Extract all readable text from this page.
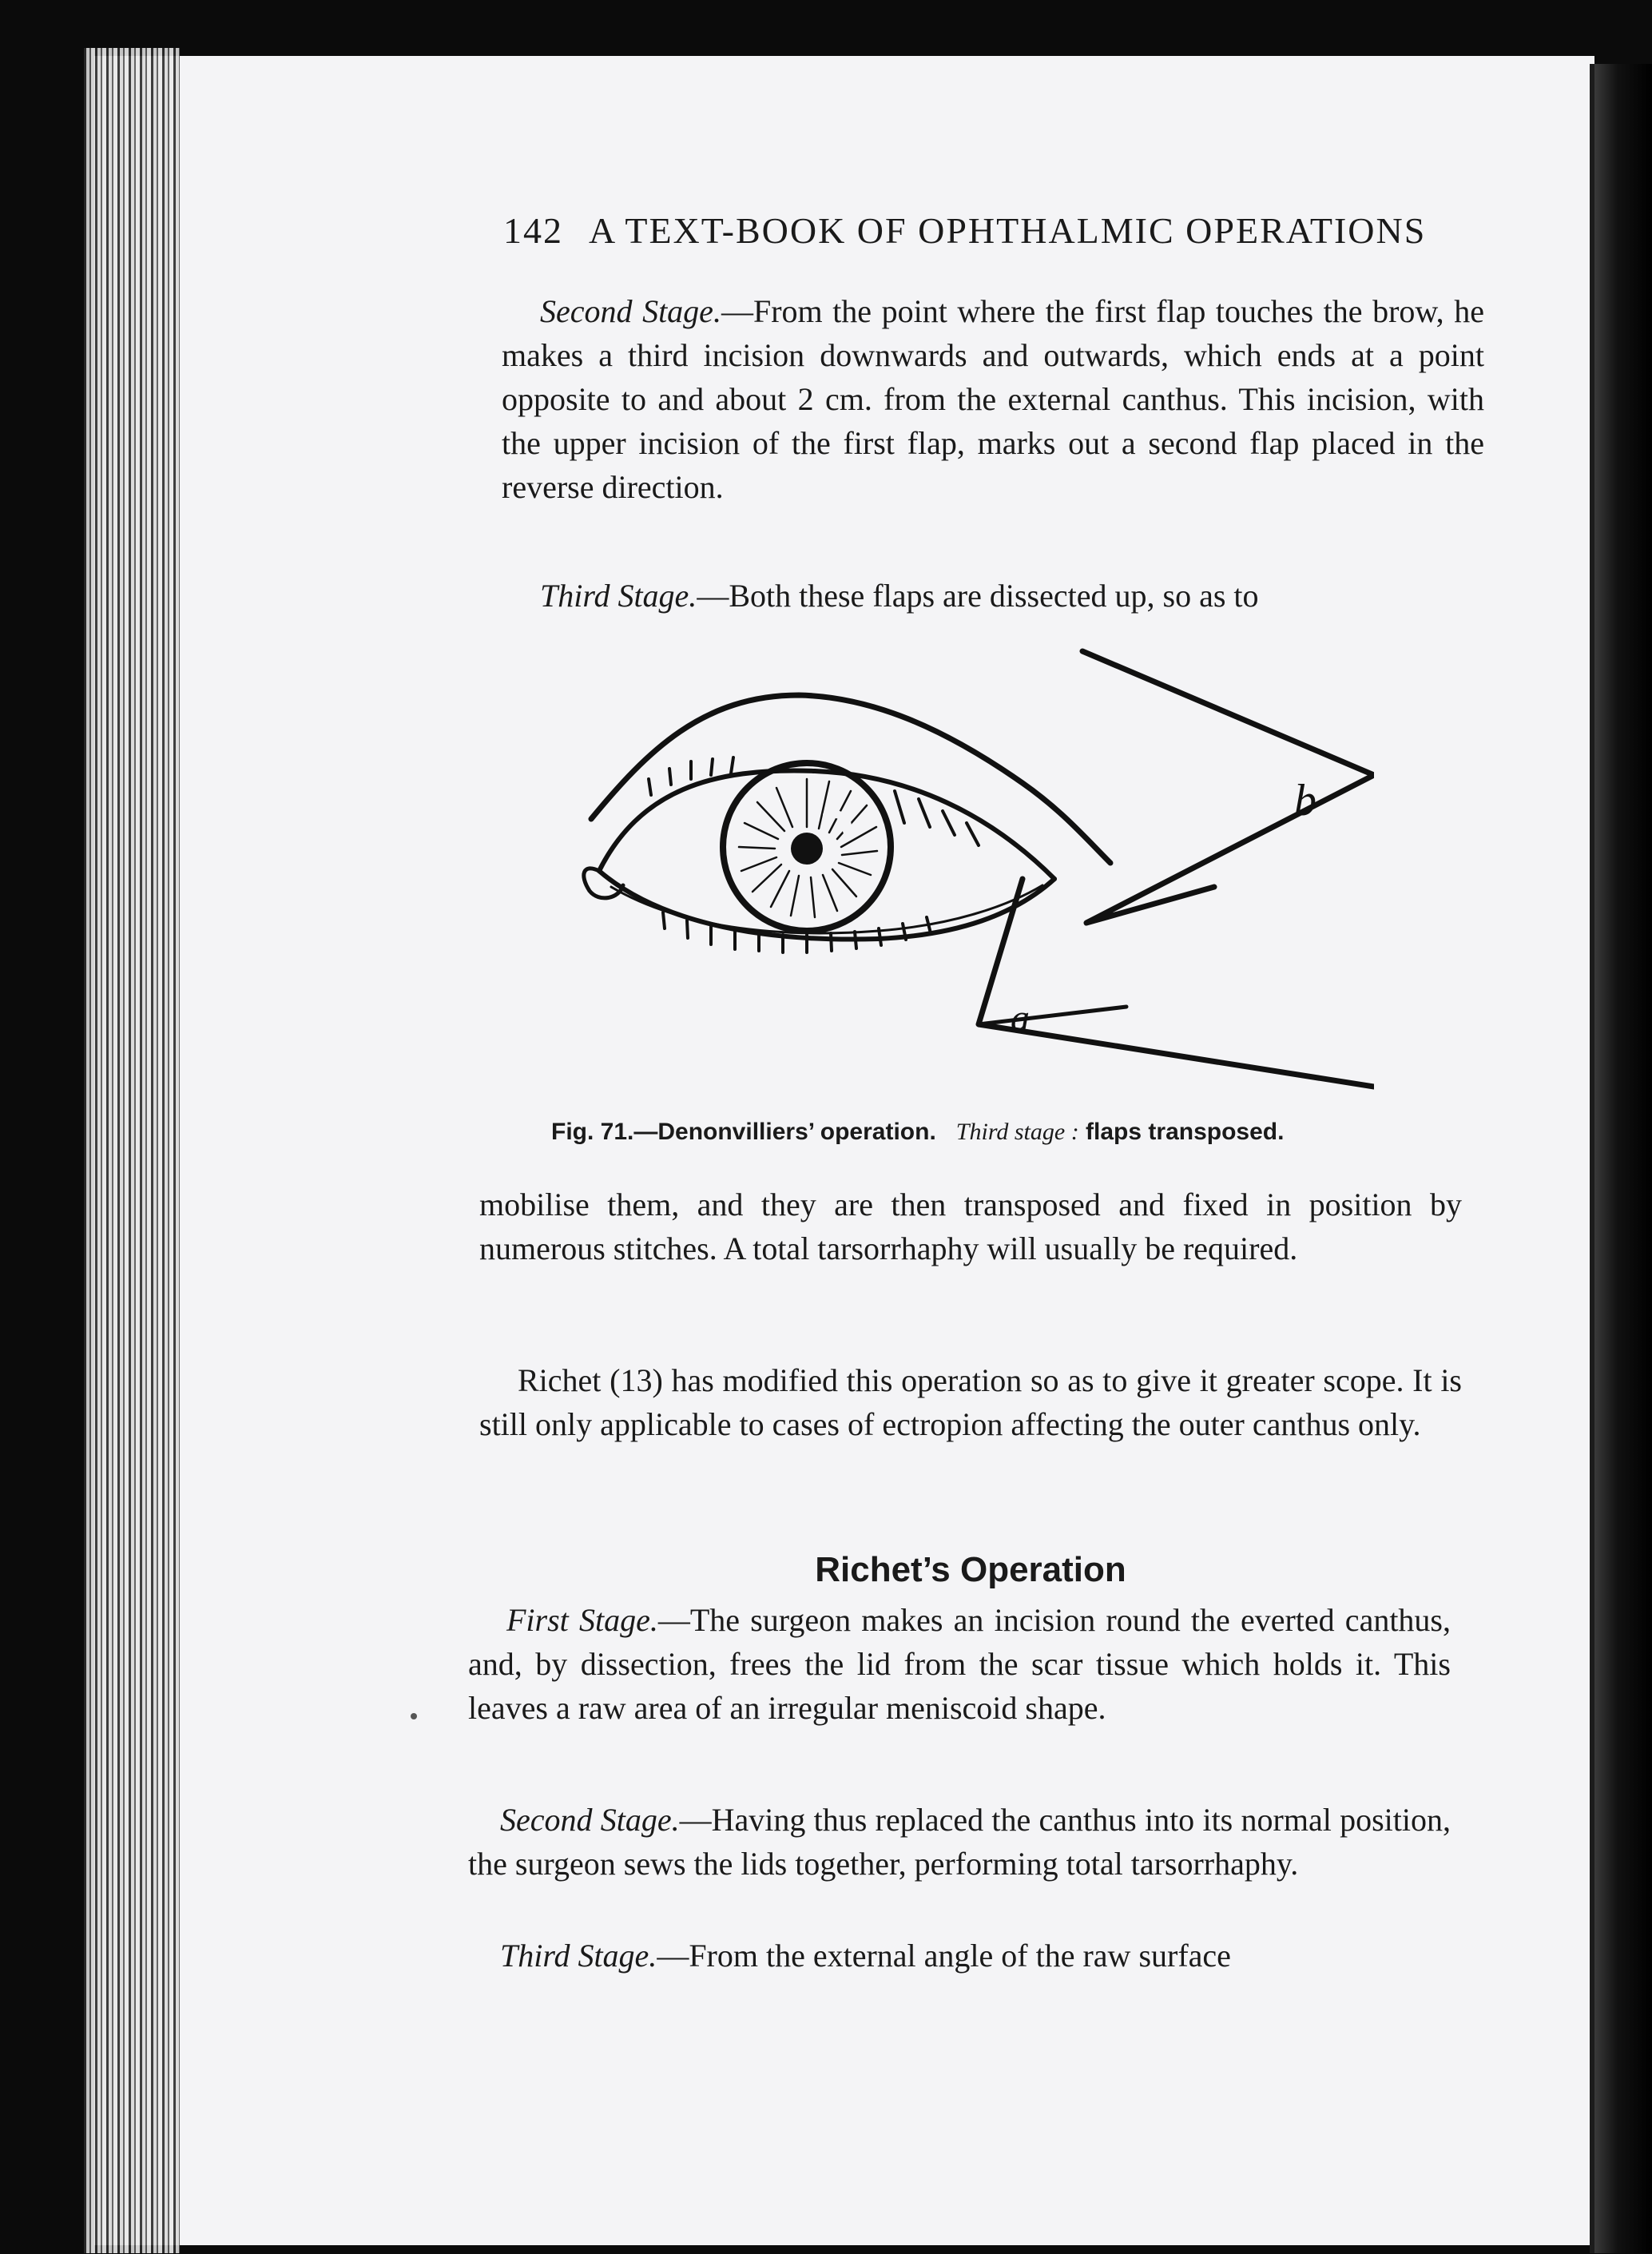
142 A TEXT-BOOK OF OPHTHALMIC OPERATIONS

Second Stage.—From the point where the first flap touches the brow, he makes a third incision downwards and outwards, which ends at a point opposite to and about 2 cm. from the external canthus. This incision, with the upper incision of the first flap, marks out a second flap placed in the reverse direction.

Third Stage.—Both these flaps are dissected up, so as to

b
a
Fig. 71.—Denonvilliers’ operation. Third stage : flaps transposed.

mobilise them, and they are then transposed and fixed in position by numerous stitches. A total tarsorrhaphy will usually be required.

Richet (13) has modified this operation so as to give it greater scope. It is still only applicable to cases of ectropion affecting the outer canthus only.

Richet’s Operation

First Stage.—The surgeon makes an incision round the everted canthus, and, by dissection, frees the lid from the scar tissue which holds it. This leaves a raw area of an irregular meniscoid shape.

Second Stage.—Having thus replaced the canthus into its normal position, the surgeon sews the lids together, performing total tarsorrhaphy.

Third Stage.—From the external angle of the raw surface
